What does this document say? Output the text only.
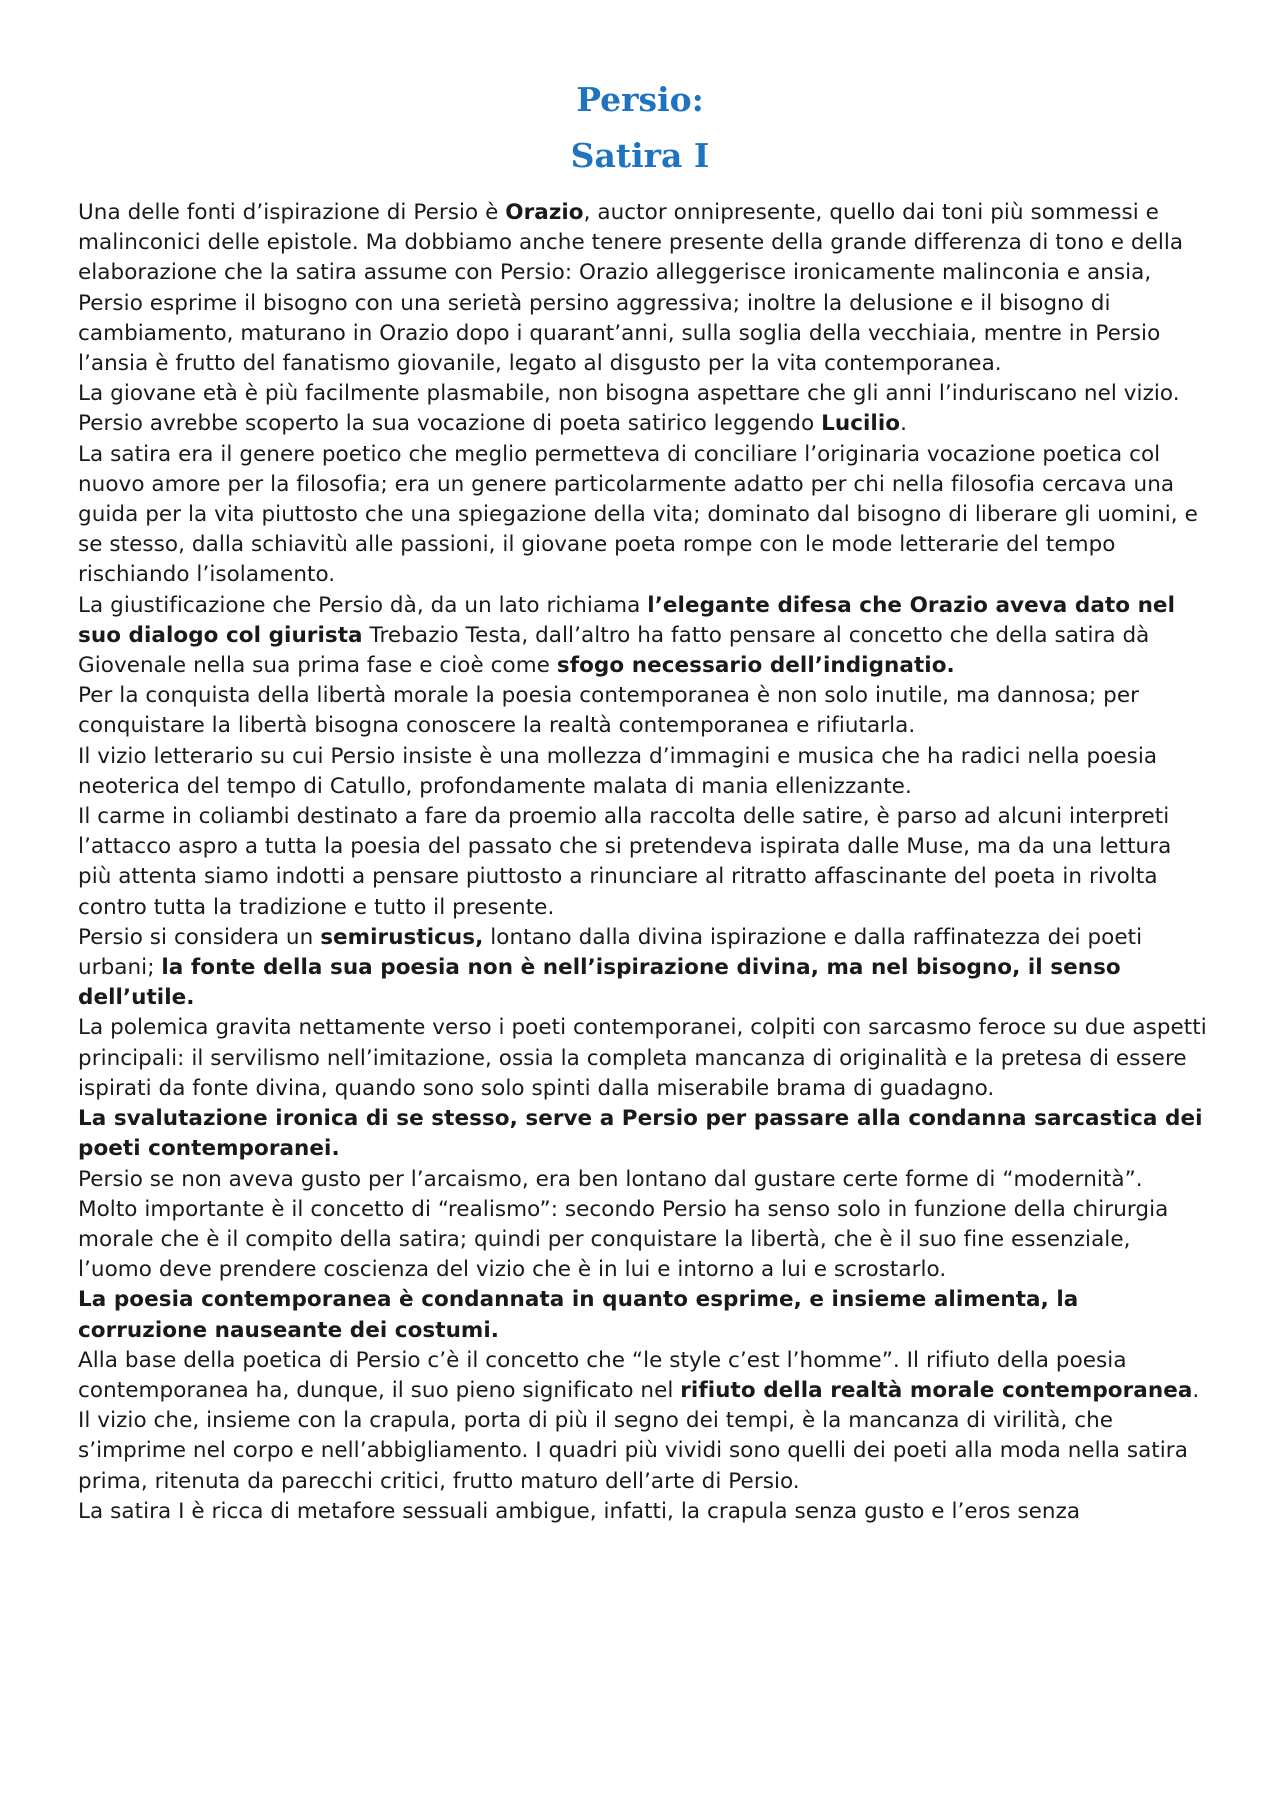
Persio:
Satira I

Una delle fonti d’ispirazione di Persio è Orazio, auctor onnipresente, quello dai toni più sommessi e malinconici delle epistole. Ma dobbiamo anche tenere presente della grande differenza di tono e della elaborazione che la satira assume con Persio: Orazio alleggerisce ironicamente malinconia e ansia, Persio esprime il bisogno con una serietà persino aggressiva; inoltre la delusione e il bisogno di cambiamento, maturano in Orazio dopo i quarant’anni, sulla soglia della vecchiaia, mentre in Persio l’ansia è frutto del fanatismo giovanile, legato al disgusto per la vita contemporanea.

La giovane età è più facilmente plasmabile, non bisogna aspettare che gli anni l’induriscano nel vizio.

Persio avrebbe scoperto la sua vocazione di poeta satirico leggendo Lucilio.

La satira era il genere poetico che meglio permetteva di conciliare l’originaria vocazione poetica col nuovo amore per la filosofia; era un genere particolarmente adatto per chi nella filosofia cercava una guida per la vita piuttosto che una spiegazione della vita; dominato dal bisogno di liberare gli uomini, e se stesso, dalla schiavitù alle passioni, il giovane poeta rompe con le mode letterarie del tempo rischiando l’isolamento.

La giustificazione che Persio dà, da un lato richiama l’elegante difesa che Orazio aveva dato nel suo dialogo col giurista Trebazio Testa, dall’altro ha fatto pensare al concetto che della satira dà Giovenale nella sua prima fase e cioè come sfogo necessario dell’indignatio.

Per la conquista della libertà morale la poesia contemporanea è non solo inutile, ma dannosa; per conquistare la libertà bisogna conoscere la realtà contemporanea e rifiutarla.

Il vizio letterario su cui Persio insiste è una mollezza d’immagini e musica che ha radici nella poesia neoterica del tempo di Catullo, profondamente malata di mania ellenizzante.

Il carme in coliambi destinato a fare da proemio alla raccolta delle satire, è parso ad alcuni interpreti l’attacco aspro a tutta la poesia del passato che si pretendeva ispirata dalle Muse, ma da una lettura più attenta siamo indotti a pensare piuttosto a rinunciare al ritratto affascinante del poeta in rivolta contro tutta la tradizione e tutto il presente.

Persio si considera un semirusticus, lontano dalla divina ispirazione e dalla raffinatezza dei poeti urbani; la fonte della sua poesia non è nell’ispirazione divina, ma nel bisogno, il senso dell’utile.

La polemica gravita nettamente verso i poeti contemporanei, colpiti con sarcasmo feroce su due aspetti principali: il servilismo nell’imitazione, ossia la completa mancanza di originalità e la pretesa di essere ispirati da fonte divina, quando sono solo spinti dalla miserabile brama di guadagno.

La svalutazione ironica di se stesso, serve a Persio per passare alla condanna sarcastica dei poeti contemporanei.

Persio se non aveva gusto per l’arcaismo, era ben lontano dal gustare certe forme di “modernità”.

Molto importante è il concetto di “realismo”: secondo Persio ha senso solo in funzione della chirurgia morale che è il compito della satira; quindi per conquistare la libertà, che è il suo fine essenziale, l’uomo deve prendere coscienza del vizio che è in lui e intorno a lui e scrostarlo.

La poesia contemporanea è condannata in quanto esprime, e insieme alimenta, la corruzione nauseante dei costumi.

Alla base della poetica di Persio c’è il concetto che “le style c’est l’homme”. Il rifiuto della poesia contemporanea ha, dunque, il suo pieno significato nel rifiuto della realtà morale contemporanea.

Il vizio che, insieme con la crapula, porta di più il segno dei tempi, è la mancanza di virilità, che s’imprime nel corpo e nell’abbigliamento. I quadri più vividi sono quelli dei poeti alla moda nella satira prima, ritenuta da parecchi critici, frutto maturo dell’arte di Persio.

La satira I è ricca di metafore sessuali ambigue, infatti, la crapula senza gusto e l’eros senza
